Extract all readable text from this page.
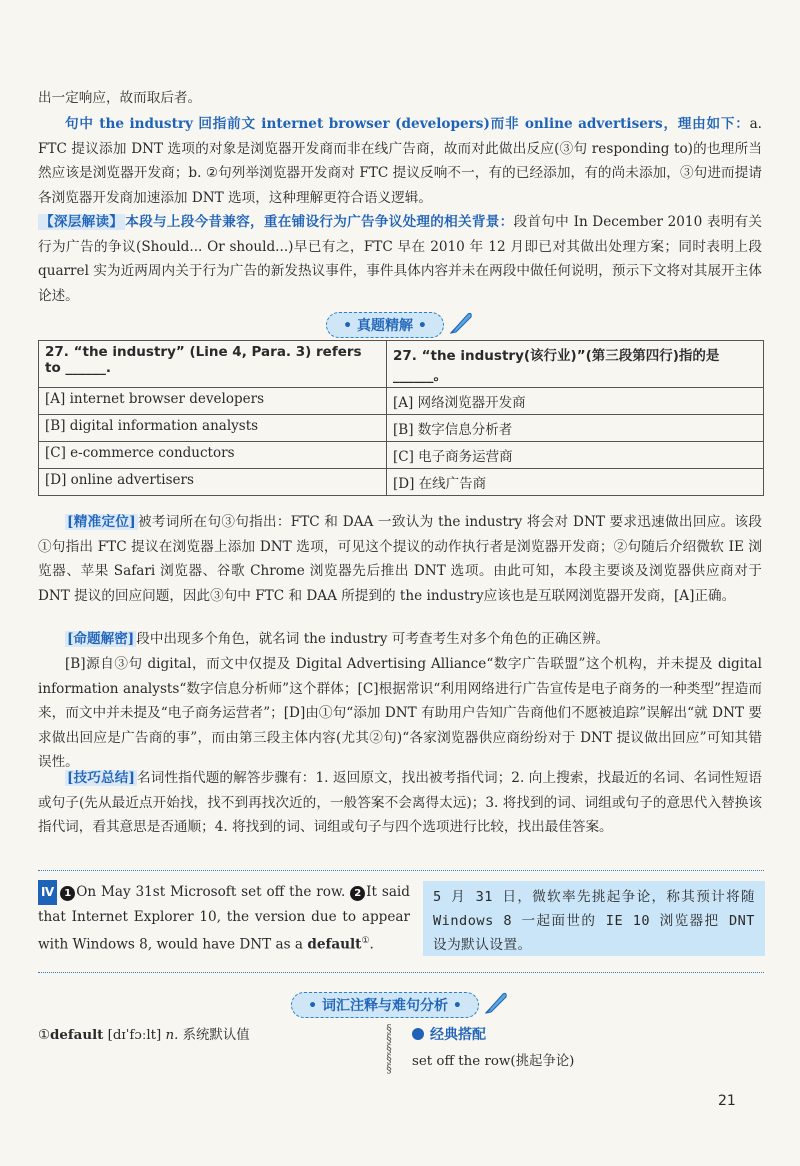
出一定响应，故而取后者。
句中 the industry 回指前文 internet browser (developers)而非 online advertisers，理由如下：a. FTC 提议添加 DNT 选项的对象是浏览器开发商而非在线广告商，故而对此做出反应(③句 responding to)的也理所当然应该是浏览器开发商；b. ②句列举浏览器开发商对 FTC 提议反响不一，有的已经添加，有的尚未添加，③句进而提请各浏览器开发商加速添加 DNT 选项，这种理解更符合语义逻辑。
【深层解读】 本段与上段今昔兼容，重在铺设行为广告争议处理的相关背景：段首句中 In December 2010 表明有关行为广告的争议(Should... Or should...)早已有之，FTC 早在 2010 年 12 月即已对其做出处理方案；同时表明上段 quarrel 实为近两周内关于行为广告的新发热议事件，事件具体内容并未在两段中做任何说明，预示下文将对其展开主体论述。
• 真题精解 •
27. “the industry” (Line 4, Para. 3) refers to ______.	27. “the industry(该行业)”(第三段第四行)指的是______。
[A] internet browser developers	[A] 网络浏览器开发商
[B] digital information analysts	[B] 数字信息分析者
[C] e-commerce conductors	[C] 电子商务运营商
[D] online advertisers	[D] 在线广告商
[精准定位] 被考词所在句③句指出：FTC 和 DAA 一致认为 the industry 将会对 DNT 要求迅速做出回应。该段①句指出 FTC 提议在浏览器上添加 DNT 选项，可见这个提议的动作执行者是浏览器开发商；②句随后介绍微软 IE 浏览器、苹果 Safari 浏览器、谷歌 Chrome 浏览器先后推出 DNT 选项。由此可知，本段主要谈及浏览器供应商对于 DNT 提议的回应问题，因此③句中 FTC 和 DAA 所提到的 the industry应该也是互联网浏览器开发商，[A]正确。
[命题解密] 段中出现多个角色，就名词 the industry 可考查考生对多个角色的正确区辨。
[B]源自③句 digital，而文中仅提及 Digital Advertising Alliance“数字广告联盟”这个机构，并未提及 digital information analysts“数字信息分析师”这个群体；[C]根据常识“利用网络进行广告宣传是电子商务的一种类型”捏造而来，而文中并未提及“电子商务运营者”；[D]由①句“添加 DNT 有助用户告知广告商他们不愿被追踪”误解出“就 DNT 要求做出回应是广告商的事”，而由第三段主体内容(尤其②句)“各家浏览器供应商纷纷对于 DNT 提议做出回应”可知其错误性。
[技巧总结] 名词性指代题的解答步骤有：1. 返回原文，找出被考指代词；2. 向上搜索，找最近的名词、名词性短语或句子(先从最近点开始找，找不到再找次近的，一般答案不会离得太远)；3. 将找到的词、词组或句子的意思代入替换该指代词，看其意思是否通顺；4. 将找到的词、词组或句子与四个选项进行比较，找出最佳答案。
Ⅳ 1 On May 31st Microsoft set off the row. 2 It said that Internet Explorer 10, the version due to appear with Windows 8, would have DNT as a default①.
5 月 31 日，微软率先挑起争论，称其预计将随 Windows 8 一起面世的 IE 10 浏览器把 DNT 设为默认设置。
• 词汇注释与难句分析 •
①default [dɪˈfɔːlt] n. 系统默认值	§
§
§
§
§
经典搭配
set off the row(挑起争论)
21
